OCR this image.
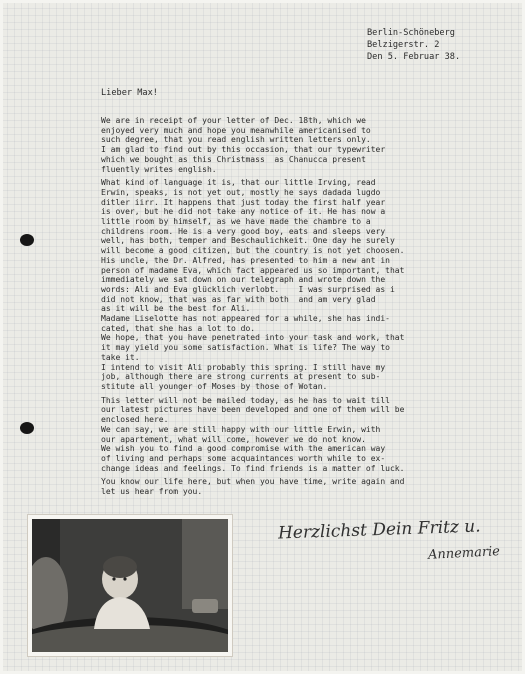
Berlin-Schöneberg
Belzigerstr. 2
Den 5. Februar 38.
Lieber Max!
We are in receipt of your letter of Dec. 18th, which we
enjoyed very much and hope you meanwhile americanised to
such degree, that you read english written letters only.
I am glad to find out by this occasion, that our typewriter
which we bought as this Christmass  as Chanucca present
fluently writes english.
What kind of language it is, that our little Irving, read
Erwin, speaks, is not yet out, mostly he says dadada lugdo
ditler iirr. It happens that just today the first half year
is over, but he did not take any notice of it. He has now a
little room by himself, as we have made the chambre to a
childrens room. He is a very good boy, eats and sleeps very
well, has both, temper and Beschaulichkeit. One day he surely
will become a good citizen, but the country is not yet choosen.
His uncle, the Dr. Alfred, has presented to him a new ant in
person of madame Eva, which fact appeared us so important, that
immediately we sat down on our telegraph and wrote down the
words: Ali and Eva glücklich verlobt.    I was surprised as i
did not know, that was as far with both  and am very glad
as it will be the best for Ali.
Madame Liselotte has not appeared for a while, she has indi-
cated, that she has a lot to do.
We hope, that you have penetrated into your task and work, that
it may yield you some satisfaction. What is life? The way to
take it.
I intend to visit Ali probably this spring. I still have my
job, although there are strong currents at present to sub-
stitute all younger of Moses by those of Wotan.
This letter will not be mailed today, as he has to wait till
our latest pictures have been developed and one of them will be
enclosed here.
We can say, we are still happy with our little Erwin, with
our apartement, what will come, however we do not know.
We wish you to find a good compromise with the american way
of living and perhaps some acquaintances worth while to ex-
change ideas and feelings. To find friends is a matter of luck.
You know our life here, but when you have time, write again and
let us hear from you.
Herzlichst Dein Fritz u.
Annemarie
